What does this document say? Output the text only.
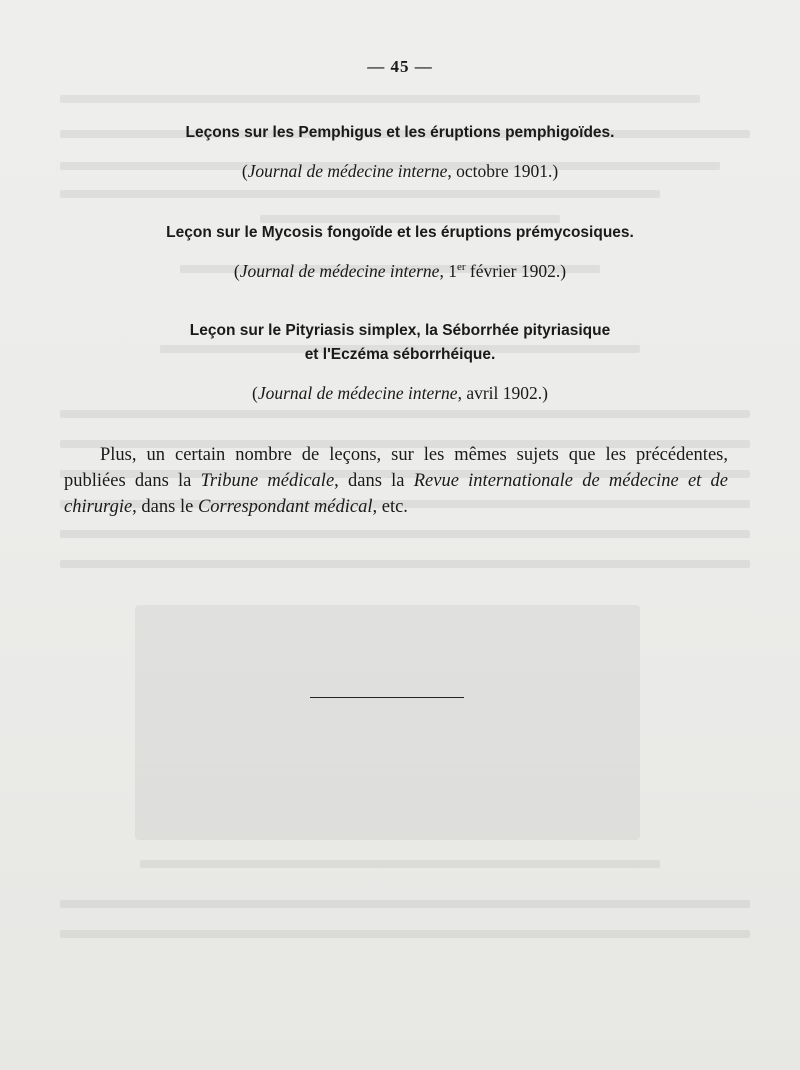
— 45 —
Leçons sur les Pemphigus et les éruptions pemphigoïdes.
(Journal de médecine interne, octobre 1901.)
Leçon sur le Mycosis fongoïde et les éruptions prémycosiques.
(Journal de médecine interne, 1er février 1902.)
Leçon sur le Pityriasis simplex, la Séborrhée pityriasique
et l'Eczéma séborrhéique.
(Journal de médecine interne, avril 1902.)

Plus, un certain nombre de leçons, sur les mêmes sujets que les précédentes, publiées dans la Tribune médicale, dans la Revue internationale de médecine et de chirurgie, dans le Correspondant médical, etc.
